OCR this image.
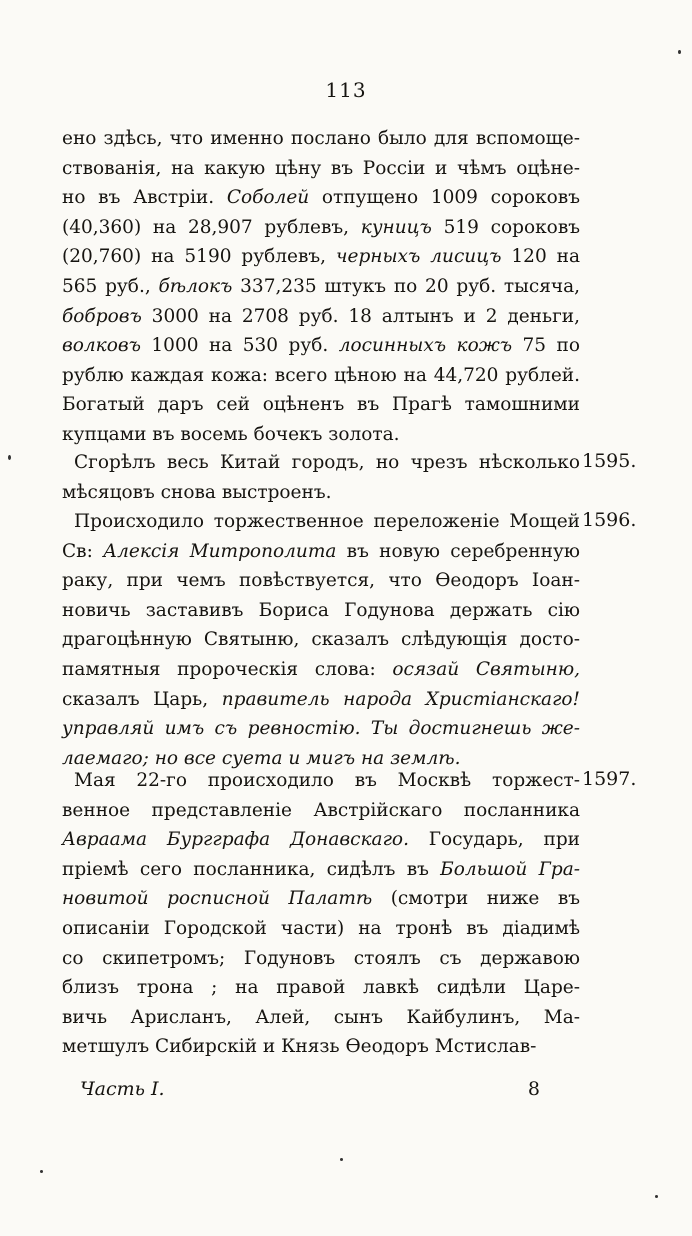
113
ено здѣсь, что именно послано было для вспомоще-
ствованія, на какую цѣну въ Россіи и чѣмъ оцѣне-
но въ Австріи. Соболей отпущено 1009 сороковъ
(40,360) на 28,907 рублевъ, куницъ 519 сороковъ
(20,760) на 5190 рублевъ, черныхъ лисицъ 120 на
565 руб., бѣлокъ 337,235 штукъ по 20 руб. тысяча,
бобровъ 3000 на 2708 руб. 18 алтынъ и 2 деньги,
волковъ 1000 на 530 руб. лосинныхъ кожъ 75 по
рублю каждая кожа: всего цѣною на 44,720 рублей.
Богатый даръ сей оцѣненъ въ Прагѣ тамошними
купцами въ восемь бочекъ золота.
Сгорѣлъ весь Китай городъ, но чрезъ нѣсколько
мѣсяцовъ снова выстроенъ.
1595.
Происходило торжественное переложеніе Мощей
Св: Алексія Митрополита въ новую серебренную
раку, при чемъ повѣствуется, что Ѳеодоръ Іоан-
новичь заставивъ Бориса Годунова держать сію
драгоцѣнную Святыню, сказалъ слѣдующія достo-
памятныя пророческія слова: осязай Святыню,
сказалъ Царь, правитель народа Христіанскаго!
управляй имъ съ ревностію. Ты достигнешь же-
лаемаго; но все суета и мигъ на землѣ.
1596.
Мая 22-го происходило въ Москвѣ торжест-
венное представленіе Австрійскаго посланника
Авраама Бургграфа Донавскаго. Государь, при
пріемѣ сего посланника, сидѣлъ въ Большой Гра-
новитой росписной Палатѣ (смотри ниже въ
описаніи Городской части) на тронѣ въ діадимѣ
со скипетромъ; Годуновъ стоялъ съ державою
близъ трона ; на правой лавкѣ сидѣли Царе-
вичь Арисланъ, Алей, сынъ Кайбулинъ, Ма-
метшулъ Сибирскій и Князь Ѳеодоръ Мстислав-
1597.
Часть I.	8
